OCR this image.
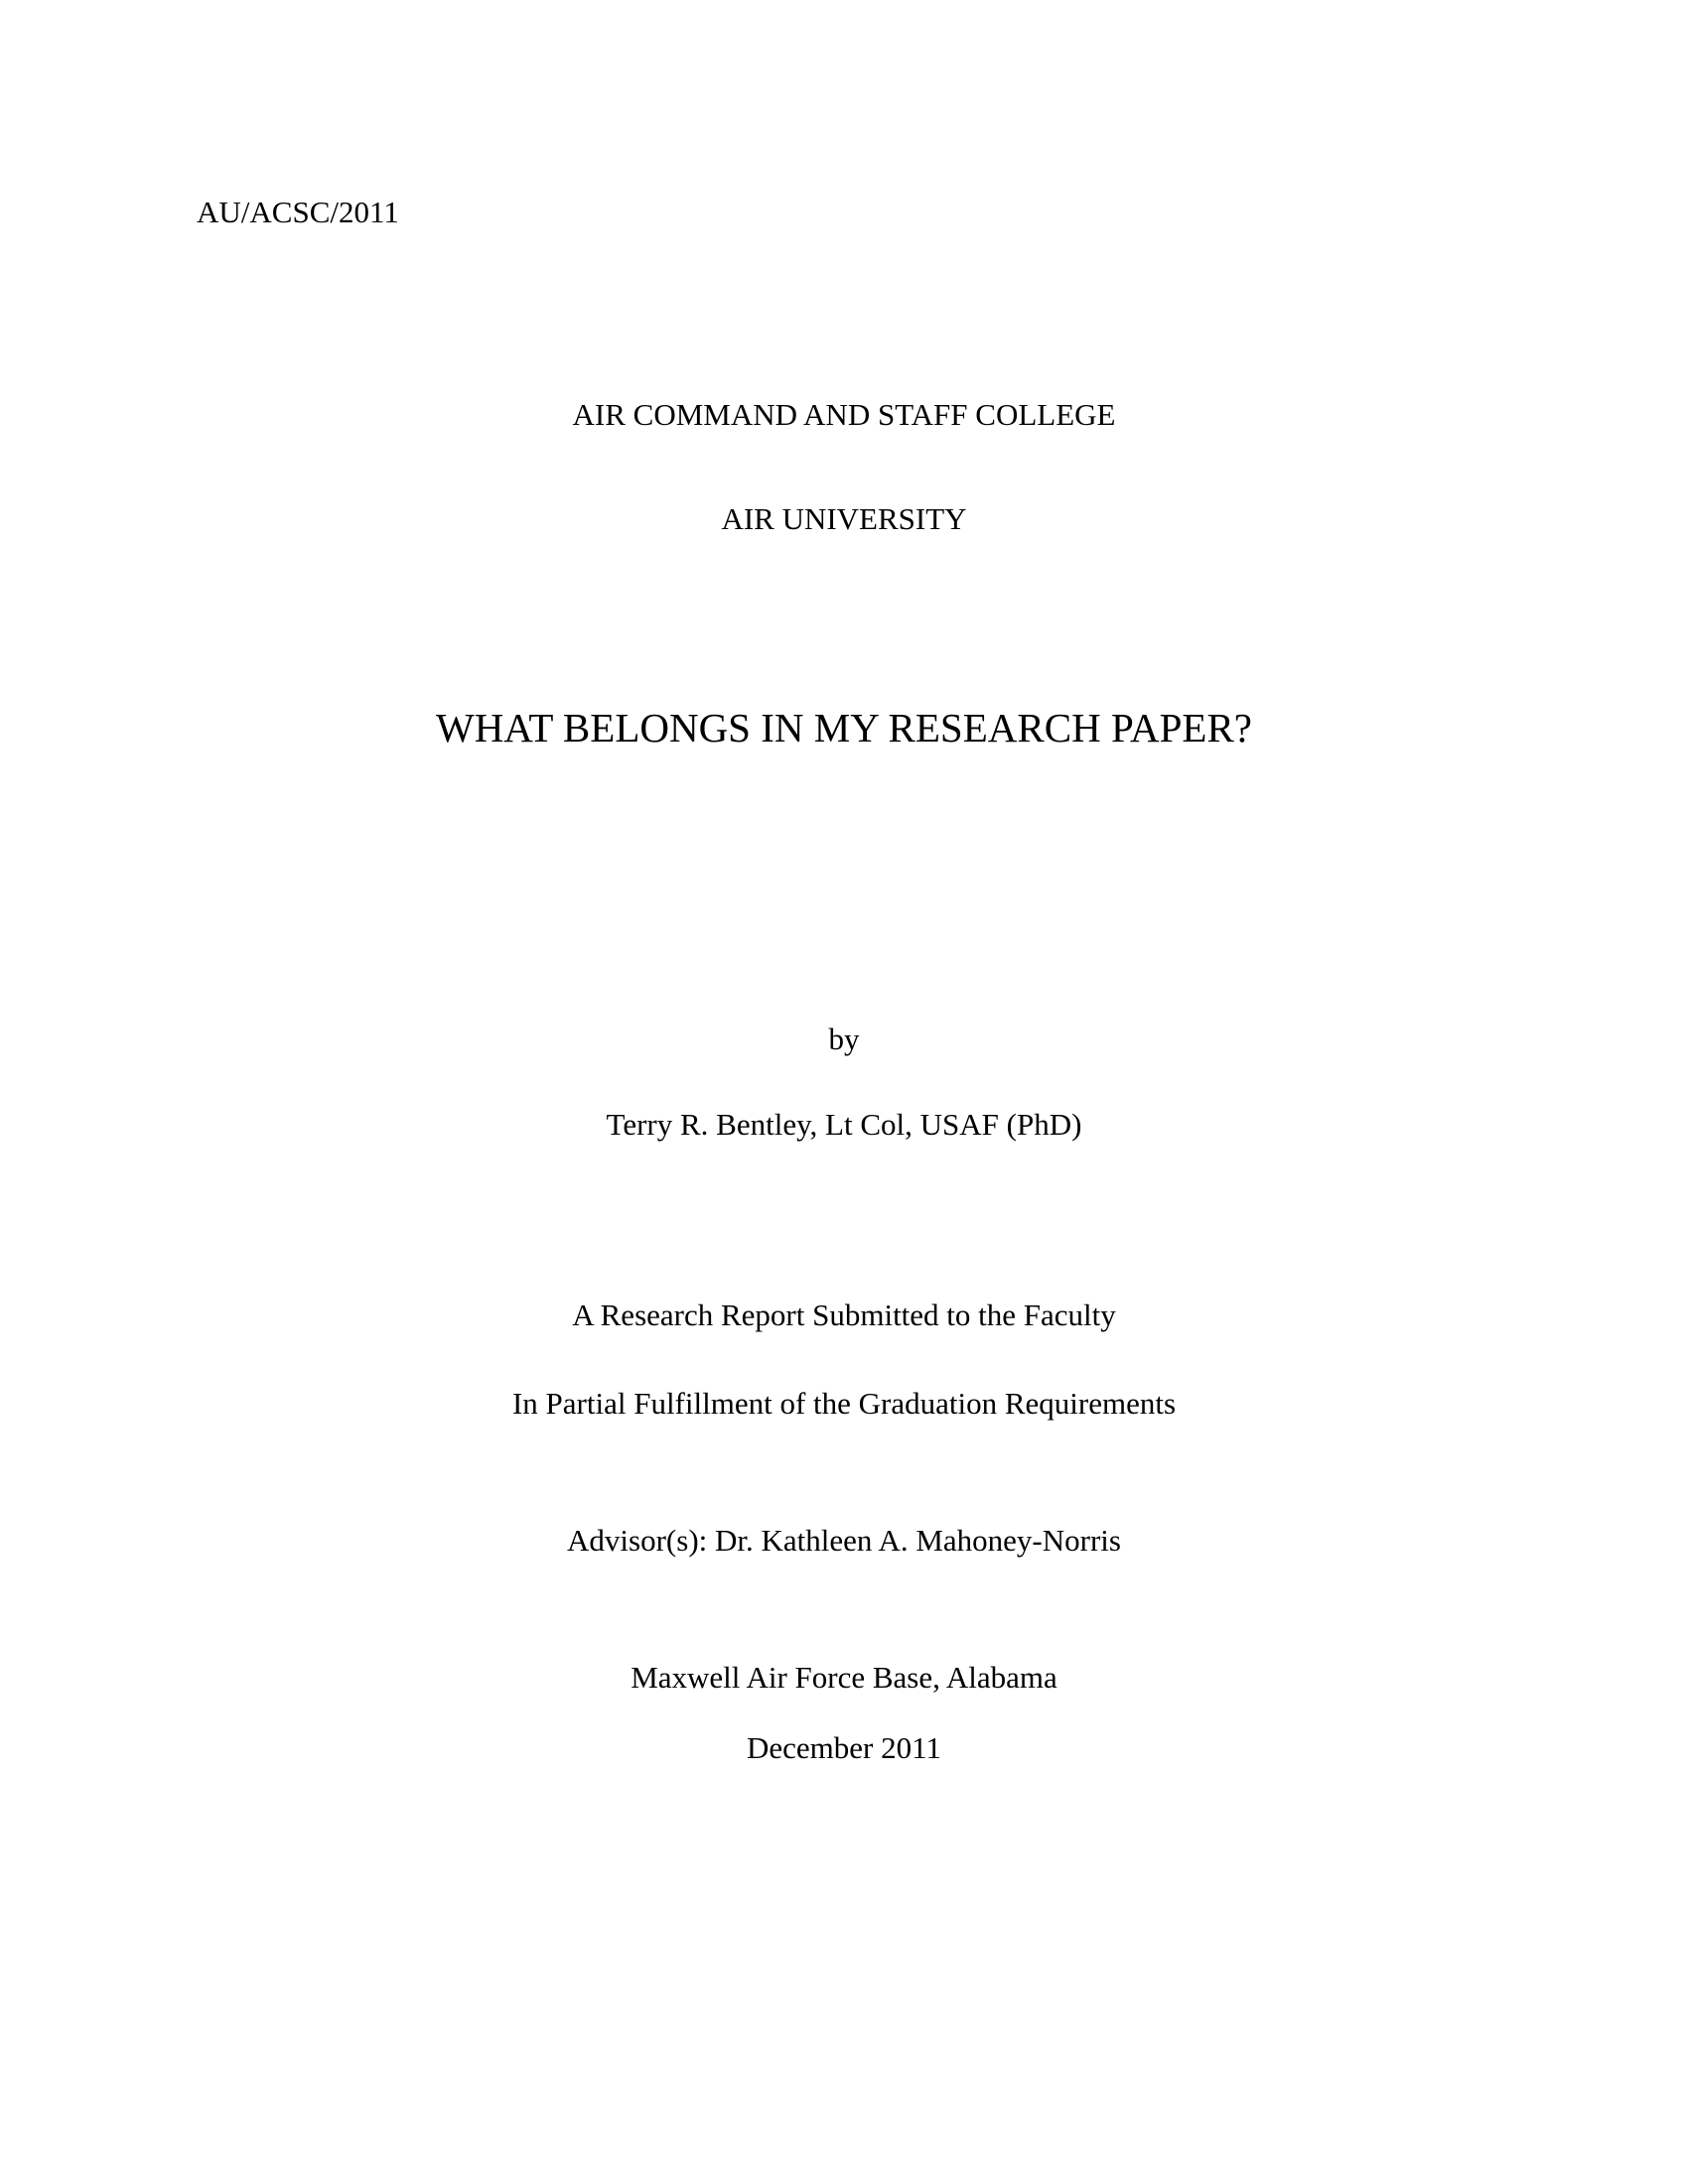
AU/ACSC/2011
AIR COMMAND AND STAFF COLLEGE
AIR UNIVERSITY
WHAT BELONGS IN MY RESEARCH PAPER?
by
Terry R. Bentley, Lt Col, USAF (PhD)
A Research Report Submitted to the Faculty
In Partial Fulfillment of the Graduation Requirements
Advisor(s): Dr. Kathleen A. Mahoney-Norris
Maxwell Air Force Base, Alabama
December 2011
